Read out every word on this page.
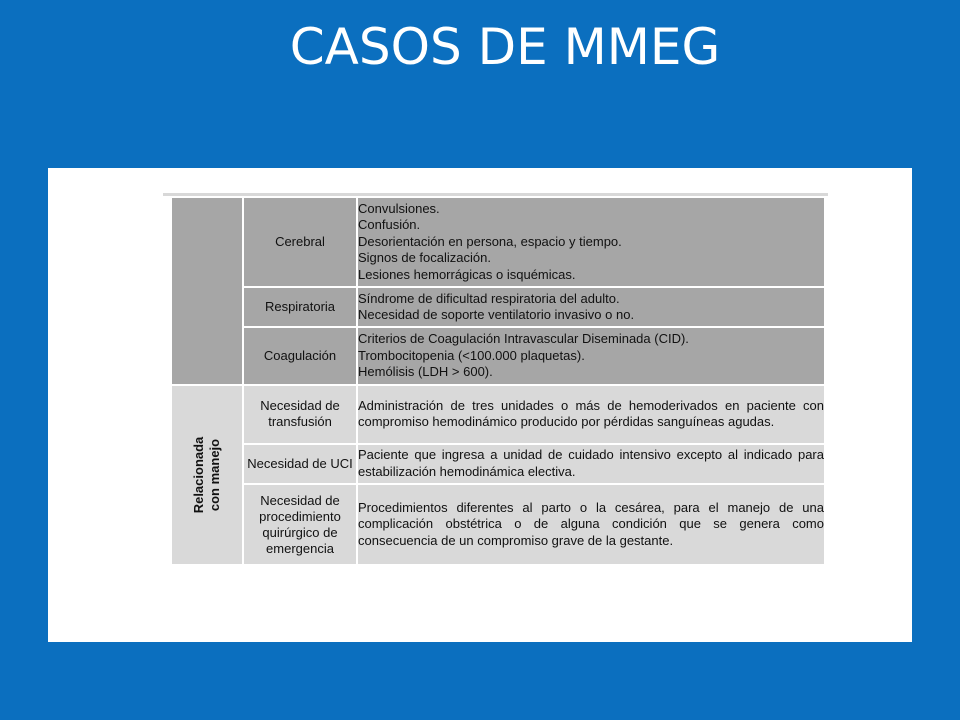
CASOS DE MMEG
	Cerebral	Convulsiones.
Confusión.
Desorientación en persona, espacio y tiempo.
Signos de focalización.
Lesiones hemorrágicas o isquémicas.

	Respiratoria	Síndrome de dificultad respiratoria del adulto.
Necesidad de soporte ventilatorio invasivo o no.

	Coagulación	Criterios de Coagulación Intravascular Diseminada (CID).
Trombocitopenia (<100.000 plaquetas).
Hemólisis (LDH > 600).

Relacionada con manejo	Necesidad de transfusión	Administración de tres unidades o más de hemoderivados en paciente con compromiso hemodinámico producido por pérdidas sanguíneas agudas.
	Necesidad de UCI	Paciente que ingresa a unidad de cuidado intensivo excepto al indicado para estabilización hemodinámica electiva.
	Necesidad de procedimiento quirúrgico de emergencia	Procedimientos diferentes al parto o la cesárea, para el manejo de una complicación obstétrica o de alguna condición que se genera como consecuencia de un compromiso grave de la gestante.
